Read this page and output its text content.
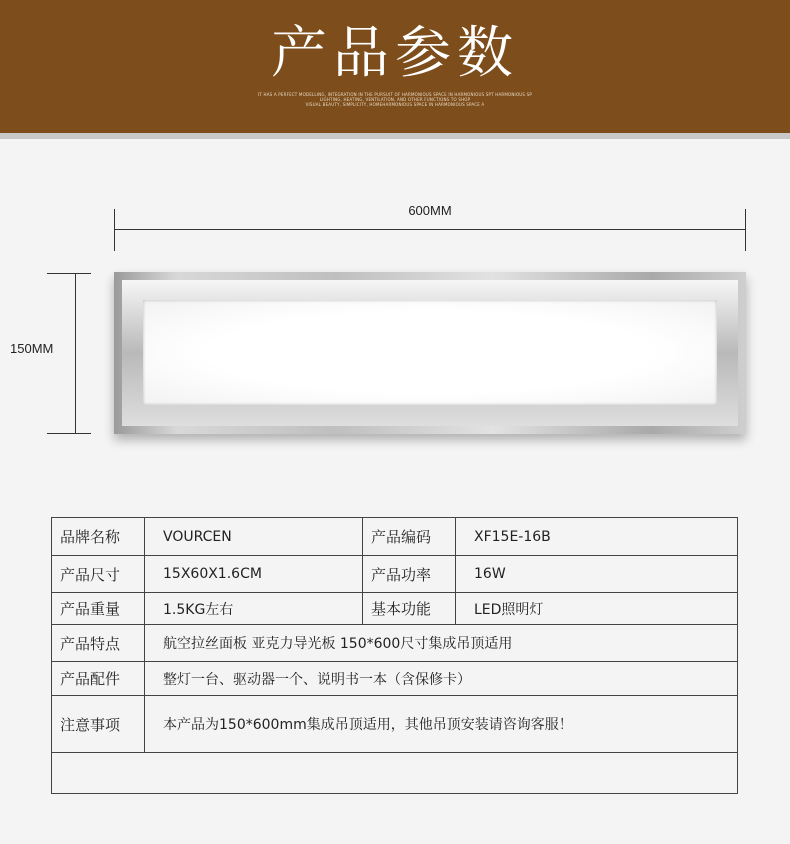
产品参数
IT HAS A PERFECT MODELLING, INTEGRATION IN THE PURSUIT OF HARMONIOUS SPACE IN HARMONIOUS SPT HARMONIOUS SP
LIGHTING, HEATING, VENTILATION, AND OTHER FUNCTIONS TO SHOP
VISUAL BEAUTY, SIMPLICITY, HOMEHARMONIOUS SPACE IN HARMONIOUS SPACE A
600MM
150MM
品牌名称	VOURCEN	产品编码	XF15E-16B
产品尺寸	15X60X1.6CM	产品功率	16W
产品重量	1.5KG左右	基本功能	LED照明灯
产品特点	航空拉丝面板 亚克力导光板 150*600尺寸集成吊顶适用		
产品配件	整灯一台、驱动器一个、说明书一本（含保修卡）		
注意事项	本产品为150*600mm集成吊顶适用，其他吊顶安装请咨询客服！		
